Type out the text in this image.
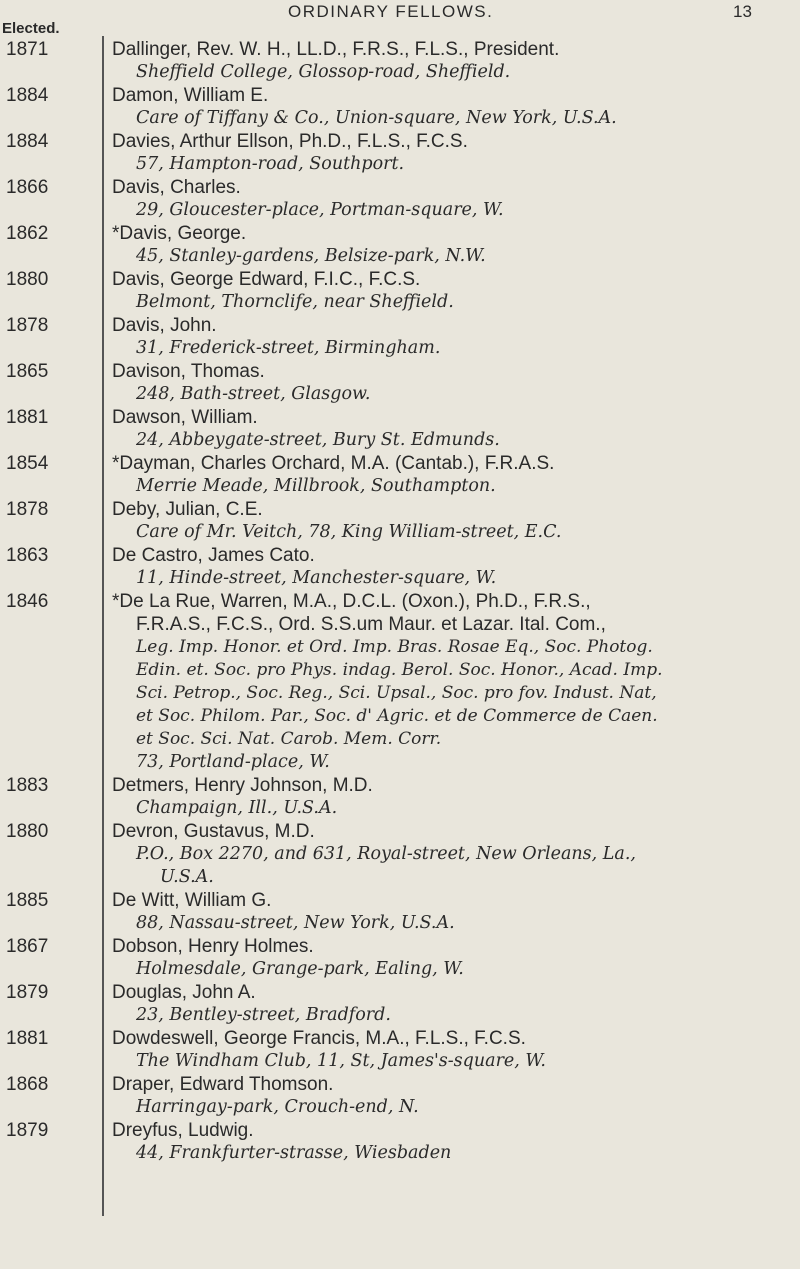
Elected.
ORDINARY FELLOWS.	13
1871	Dallinger, Rev. W. H., LL.D., F.R.S., F.L.S., President.
Sheffield College, Glossop-road, Sheffield.
1884	Damon, William E.
Care of Tiffany & Co., Union-square, New York, U.S.A.
1884	Davies, Arthur Ellson, Ph.D., F.L.S., F.C.S.
57, Hampton-road, Southport.
1866	Davis, Charles.
29, Gloucester-place, Portman-square, W.
1862	*Davis, George.
45, Stanley-gardens, Belsize-park, N.W.
1880	Davis, George Edward, F.I.C., F.C.S.
Belmont, Thornclife, near Sheffield.
1878	Davis, John.
31, Frederick-street, Birmingham.
1865	Davison, Thomas.
248, Bath-street, Glasgow.
1881	Dawson, William.
24, Abbeygate-street, Bury St. Edmunds.
1854	*Dayman, Charles Orchard, M.A. (Cantab.), F.R.A.S.
Merrie Meade, Millbrook, Southampton.
1878	Deby, Julian, C.E.
Care of Mr. Veitch, 78, King William-street, E.C.
1863	De Castro, James Cato.
11, Hinde-street, Manchester-square, W.
1846	*De La Rue, Warren, M.A., D.C.L. (Oxon.), Ph.D., F.R.S.,
F.R.A.S., F.C.S., Ord. S.S.um Maur. et Lazar. Ital. Com.,
Leg. Imp. Honor. et Ord. Imp. Bras. Rosae Eq., Soc. Photog.
Edin. et. Soc. pro Phys. indag. Berol. Soc. Honor., Acad. Imp.
Sci. Petrop., Soc. Reg., Sci. Upsal., Soc. pro fov. Indust. Nat,
et Soc. Philom. Par., Soc. d' Agric. et de Commerce de Caen.
et Soc. Sci. Nat. Carob. Mem. Corr.
73, Portland-place, W.
1883	Detmers, Henry Johnson, M.D.
Champaign, Ill., U.S.A.
1880	Devron, Gustavus, M.D.
P.O., Box 2270, and 631, Royal-street, New Orleans, La.,
U.S.A.
1885	De Witt, William G.
88, Nassau-street, New York, U.S.A.
1867	Dobson, Henry Holmes.
Holmesdale, Grange-park, Ealing, W.
1879	Douglas, John A.
23, Bentley-street, Bradford.
1881	Dowdeswell, George Francis, M.A., F.L.S., F.C.S.
The Windham Club, 11, St, James's-square, W.
1868	Draper, Edward Thomson.
Harringay-park, Crouch-end, N.
1879	Dreyfus, Ludwig.
44, Frankfurter-strasse, Wiesbaden
